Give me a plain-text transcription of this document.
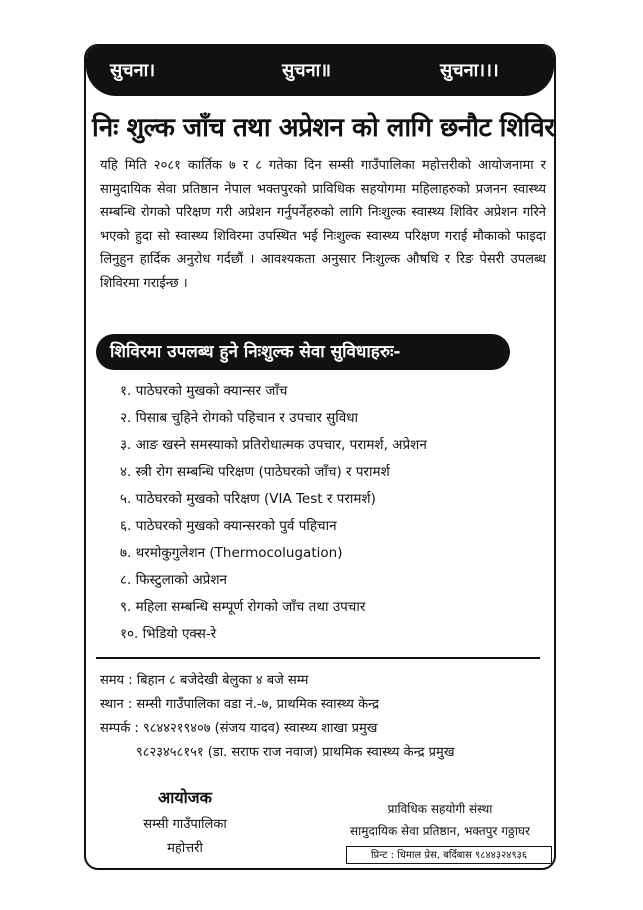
सुचना।	सुचना॥	सुचना।।।
निः शुल्क जाँच तथा अप्रेशन को लागि छनौट शिविर

यहि मिति २०८१ कार्तिक ७ र ८ गतेका दिन सम्सी गाउँपालिका महोत्तरीको आयोजनामा र सामुदायिक सेवा प्रतिष्ठान नेपाल भक्तपुरको प्राविधिक सहयोगमा महिलाहरुको प्रजनन स्वास्थ्य सम्बन्धि रोगको परिक्षण गरी अप्रेशन गर्नुपर्नेहरुको लागि निःशुल्क स्वास्थ्य शिविर अप्रेशन गरिने भएको हुदा सो स्वास्थ्य शिविरमा उपस्थित भई निःशुल्क स्वास्थ्य परिक्षण गराई मौकाको फाइदा लिनुहुन हार्दिक अनुरोध गर्दछौं । आवश्यकता अनुसार निःशुल्क औषधि र रिङ पेसरी उपलब्ध शिविरमा गराईन्छ ।

शिविरमा उपलब्ध हुने निःशुल्क सेवा सुविधाहरुः-
१. पाठेघरको मुखको क्यान्सर जाँच
२. पिसाब चुहिने रोगको पहिचान र उपचार सुविधा
३. आङ खस्ने समस्याको प्रतिरोधात्मक उपचार, परामर्श, अप्रेशन
४. स्त्री रोग सम्बन्धि परिक्षण (पाठेघरको जाँच) र परामर्श
५. पाठेघरको मुखको परिक्षण (VIA Test र परामर्श)
६. पाठेघरको मुखको क्यान्सरको पुर्व पहिचान
७. थरमोकुगुलेशन (Thermocolugation)
८. फिस्टुलाको अप्रेशन
९. महिला सम्बन्धि सम्पूर्ण रोगको जाँच तथा उपचार
१०. भिडियो एक्स-रे
समय : बिहान ८ बजेदेखी बेलुका ४ बजे सम्म
स्थान : सम्सी गाउँपालिका वडा नं.-७, प्राथमिक स्वास्थ्य केन्द्र
सम्पर्क : ९८४४२१९४०७ (संजय यादव) स्वास्थ्य शाखा प्रमुख
९८२३४५८१५१ (डा. सराफ राज नवाज) प्राथमिक स्वास्थ्य केन्द्र प्रमुख
आयोजक
सम्सी गाउँपालिका
महोत्तरी
प्राविधिक सहयोगी संस्था
सामुदायिक सेवा प्रतिष्ठान, भक्तपुर गठ्ठाघर
प्रिन्ट : धिमाल प्रेस, बर्दिबास ९८४४३२४९३६
